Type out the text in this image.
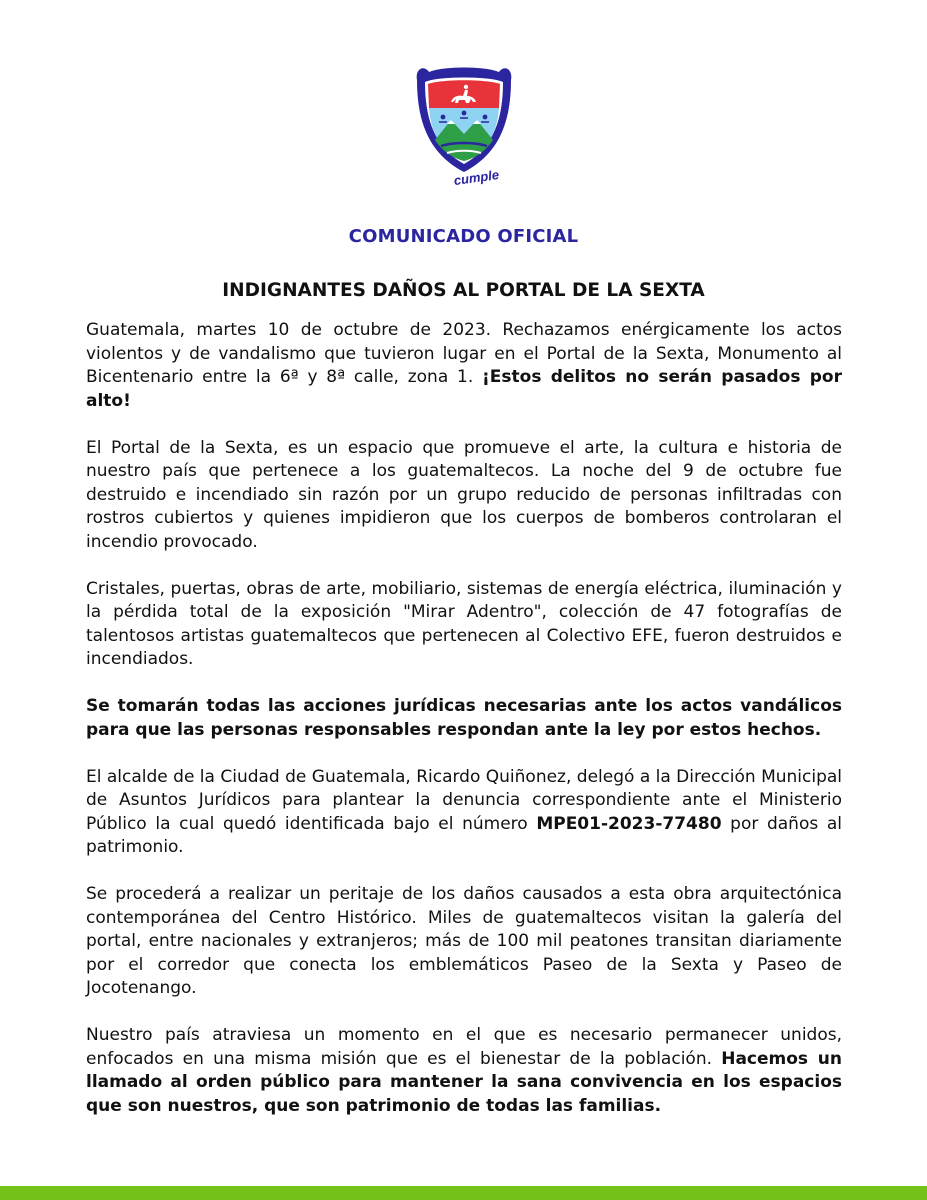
cumple
COMUNICADO OFICIAL
INDIGNANTES DAÑOS AL PORTAL DE LA SEXTA

Guatemala, martes 10 de octubre de 2023. Rechazamos enérgicamente los actos violentos y de vandalismo que tuvieron lugar en el Portal de la Sexta, Monumento al Bicentenario entre la 6ª y 8ª calle, zona 1. ¡Estos delitos no serán pasados por alto!

El Portal de la Sexta, es un espacio que promueve el arte, la cultura e historia de nuestro país que pertenece a los guatemaltecos. La noche del 9 de octubre fue destruido e incendiado sin razón por un grupo reducido de personas infiltradas con rostros cubiertos y quienes impidieron que los cuerpos de bomberos controlaran el incendio provocado.

Cristales, puertas, obras de arte, mobiliario, sistemas de energía eléctrica, iluminación y la pérdida total de la exposición "Mirar Adentro", colección de 47 fotografías de talentosos artistas guatemaltecos que pertenecen al Colectivo EFE, fueron destruidos e incendiados.

Se tomarán todas las acciones jurídicas necesarias ante los actos vandálicos para que las personas responsables respondan ante la ley por estos hechos.

El alcalde de la Ciudad de Guatemala, Ricardo Quiñonez, delegó a la Dirección Municipal de Asuntos Jurídicos para plantear la denuncia correspondiente ante el Ministerio Público la cual quedó identificada bajo el número MPE01-2023-77480 por daños al patrimonio.

Se procederá a realizar un peritaje de los daños causados a esta obra arquitectónica contemporánea del Centro Histórico. Miles de guatemaltecos visitan la galería del portal, entre nacionales y extranjeros; más de 100 mil peatones transitan diariamente por el corredor que conecta los emblemáticos Paseo de la Sexta y Paseo de Jocotenango.

Nuestro país atraviesa un momento en el que es necesario permanecer unidos, enfocados en una misma misión que es el bienestar de la población. Hacemos un llamado al orden público para mantener la sana convivencia en los espacios que son nuestros, que son patrimonio de todas las familias.
